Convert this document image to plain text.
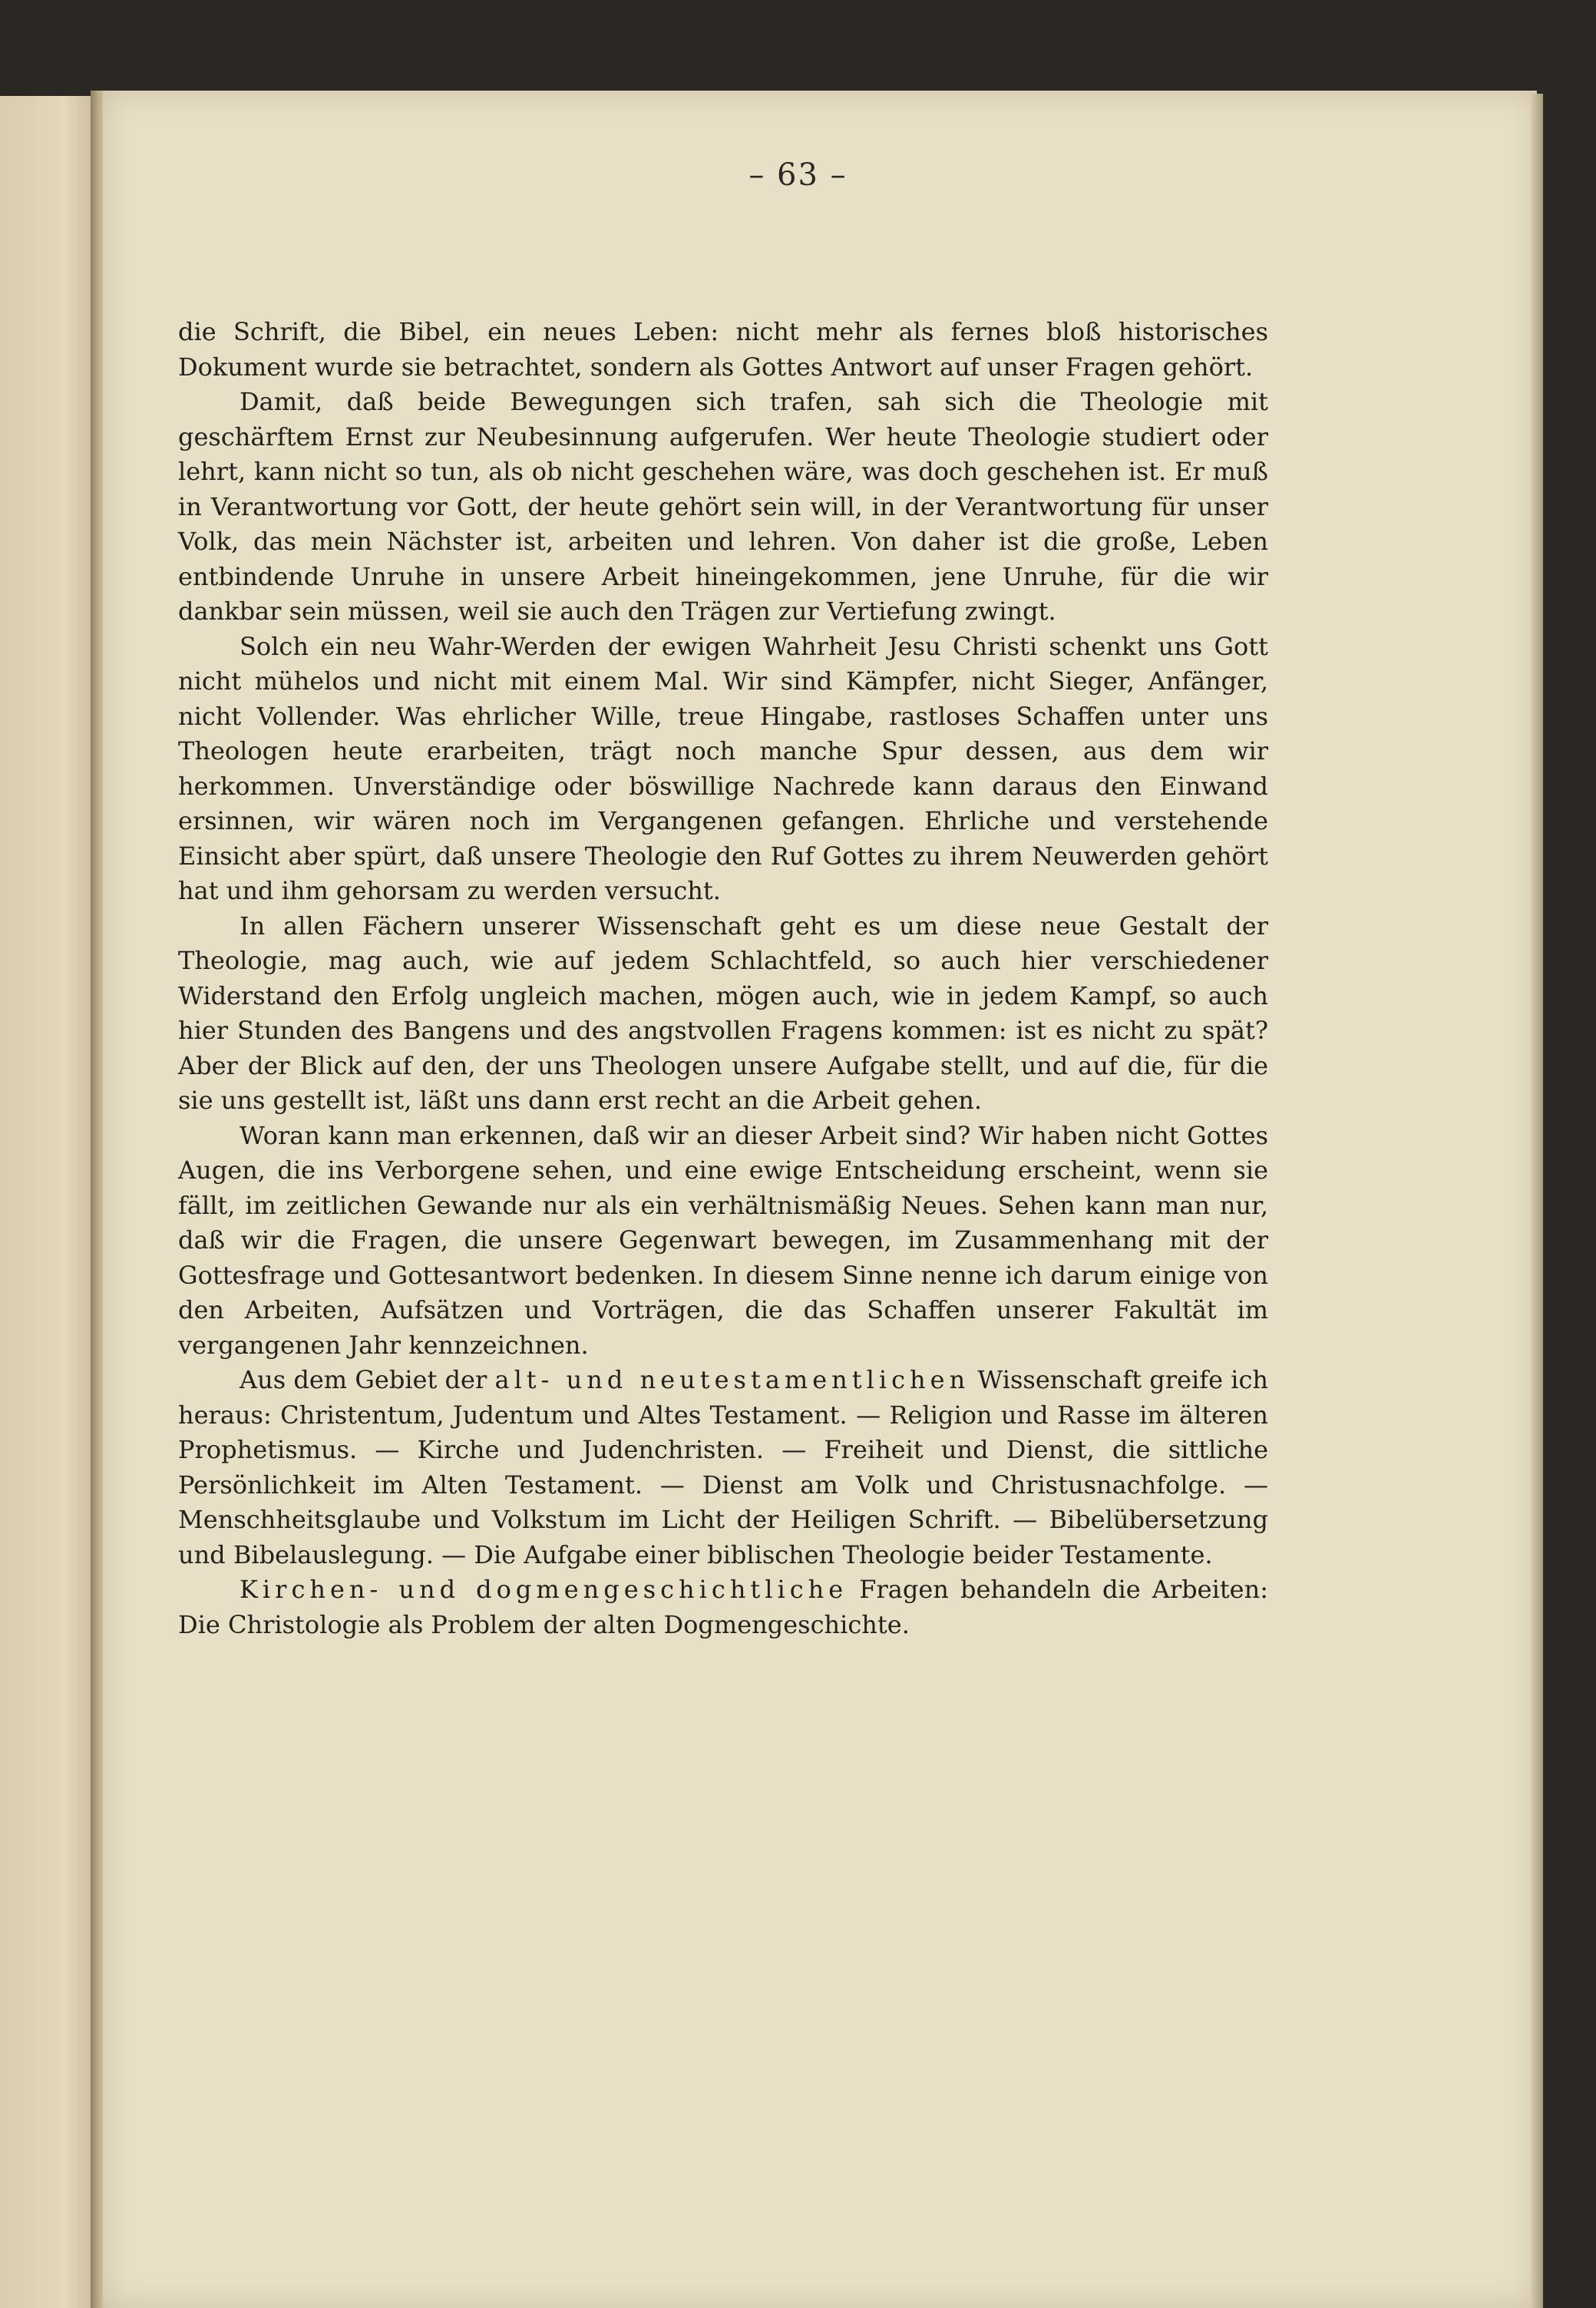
– 63 –

die Schrift, die Bibel, ein neues Leben: nicht mehr als fernes bloß historisches Dokument wurde sie betrachtet, sondern als Gottes Antwort auf unser Fragen gehört.

Damit, daß beide Bewegungen sich trafen, sah sich die Theologie mit geschärftem Ernst zur Neubesinnung aufgerufen. Wer heute Theologie studiert oder lehrt, kann nicht so tun, als ob nicht geschehen wäre, was doch geschehen ist. Er muß in Verantwortung vor Gott, der heute gehört sein will, in der Verantwortung für unser Volk, das mein Nächster ist, arbeiten und lehren. Von daher ist die große, Leben entbindende Unruhe in unsere Arbeit hineingekommen, jene Unruhe, für die wir dankbar sein müssen, weil sie auch den Trägen zur Vertiefung zwingt.

Solch ein neu Wahr-Werden der ewigen Wahrheit Jesu Christi schenkt uns Gott nicht mühelos und nicht mit einem Mal. Wir sind Kämpfer, nicht Sieger, Anfänger, nicht Vollender. Was ehrlicher Wille, treue Hingabe, rastloses Schaffen unter uns Theologen heute erarbeiten, trägt noch manche Spur dessen, aus dem wir herkommen. Unverständige oder böswillige Nachrede kann daraus den Einwand ersinnen, wir wären noch im Vergangenen gefangen. Ehrliche und verstehende Einsicht aber spürt, daß unsere Theologie den Ruf Gottes zu ihrem Neuwerden gehört hat und ihm gehorsam zu werden versucht.

In allen Fächern unserer Wissenschaft geht es um diese neue Gestalt der Theologie, mag auch, wie auf jedem Schlachtfeld, so auch hier verschiedener Widerstand den Erfolg ungleich machen, mögen auch, wie in jedem Kampf, so auch hier Stunden des Bangens und des angstvollen Fragens kommen: ist es nicht zu spät? Aber der Blick auf den, der uns Theologen unsere Aufgabe stellt, und auf die, für die sie uns gestellt ist, läßt uns dann erst recht an die Arbeit gehen.

Woran kann man erkennen, daß wir an dieser Arbeit sind? Wir haben nicht Gottes Augen, die ins Verborgene sehen, und eine ewige Entscheidung erscheint, wenn sie fällt, im zeitlichen Gewande nur als ein verhältnismäßig Neues. Sehen kann man nur, daß wir die Fragen, die unsere Gegenwart bewegen, im Zusammenhang mit der Gottesfrage und Gottesantwort bedenken. In diesem Sinne nenne ich darum einige von den Arbeiten, Aufsätzen und Vorträgen, die das Schaffen unserer Fakultät im vergangenen Jahr kennzeichnen.

Aus dem Gebiet der alt- und neutestamentlichen Wissenschaft greife ich heraus: Christentum, Judentum und Altes Testament. — Religion und Rasse im älteren Prophetismus. — Kirche und Judenchristen. — Freiheit und Dienst, die sittliche Persönlichkeit im Alten Testament. — Dienst am Volk und Christusnachfolge. — Menschheitsglaube und Volkstum im Licht der Heiligen Schrift. — Bibelübersetzung und Bibelauslegung. — Die Aufgabe einer biblischen Theologie beider Testamente.

Kirchen- und dogmengeschichtliche Fragen behandeln die Arbeiten: Die Christologie als Problem der alten Dogmengeschichte.
